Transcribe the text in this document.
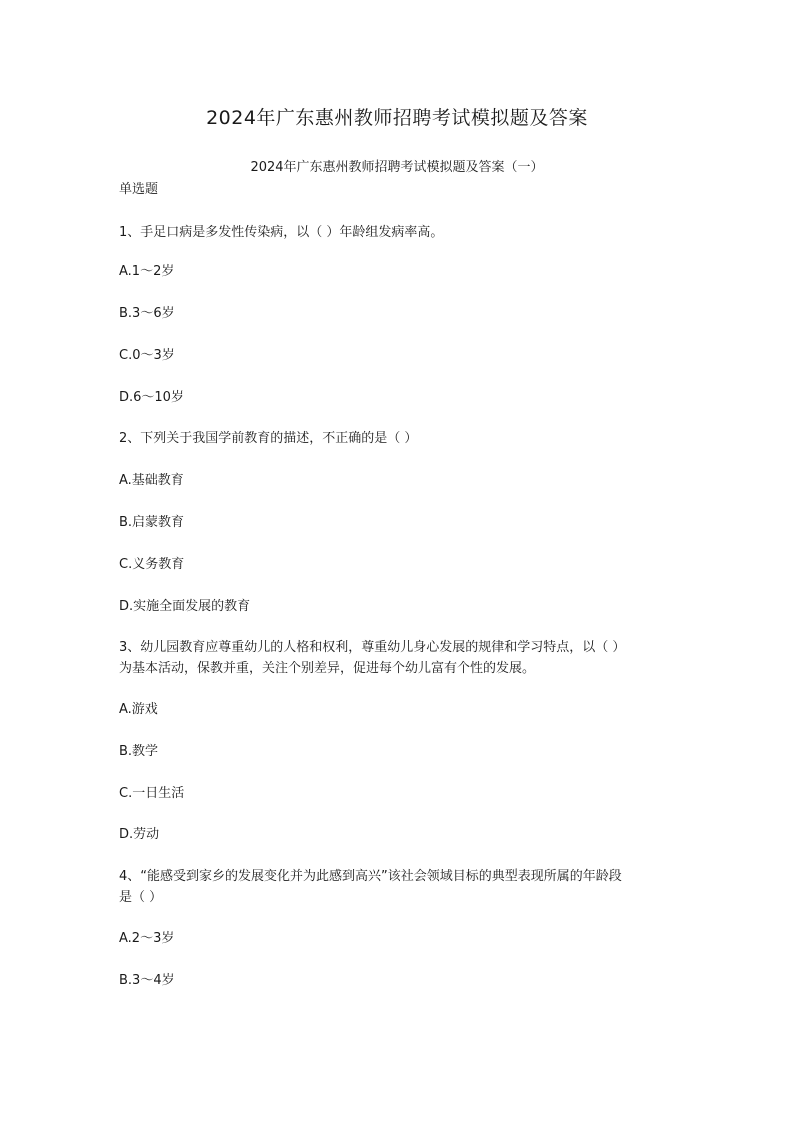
2024年广东惠州教师招聘考试模拟题及答案
2024年广东惠州教师招聘考试模拟题及答案（一）
单选题
1、手足口病是多发性传染病，以（ ）年龄组发病率高。
A.1～2岁
B.3～6岁
C.0～3岁
D.6～10岁
2、下列关于我国学前教育的描述，不正确的是（ ）
A.基础教育
B.启蒙教育
C.义务教育
D.实施全面发展的教育
3、幼儿园教育应尊重幼儿的人格和权利，尊重幼儿身心发展的规律和学习特点，以（ ）
为基本活动，保教并重，关注个别差异，促进每个幼儿富有个性的发展。
A.游戏
B.教学
C.一日生活
D.劳动
4、“能感受到家乡的发展变化并为此感到高兴”该社会领域目标的典型表现所属的年龄段
是（ ）
A.2～3岁
B.3～4岁
